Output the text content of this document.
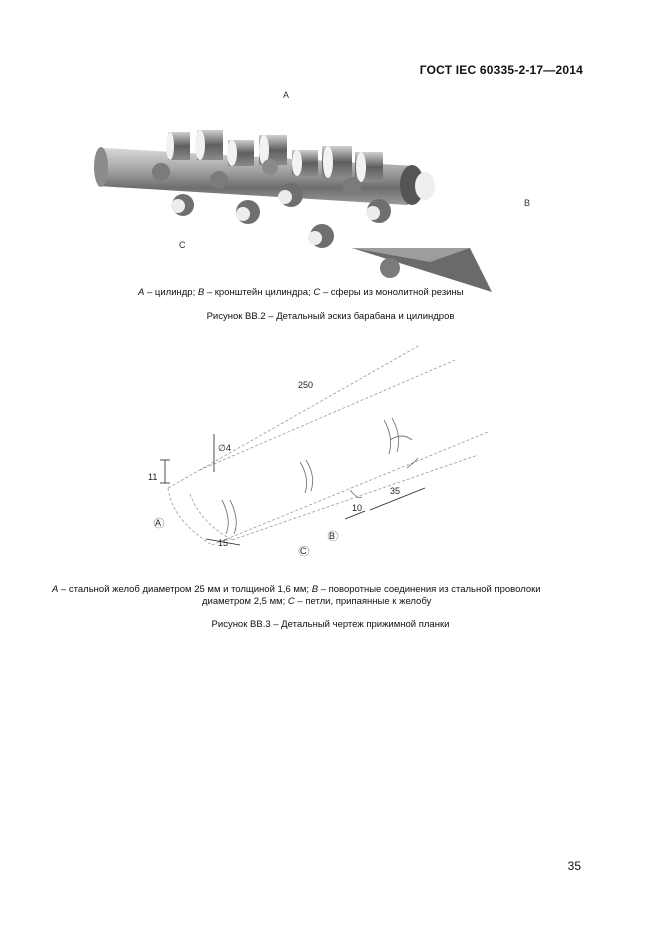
ГОСТ IEC 60335-2-17—2014
A
B
C
A – цилиндр; B – кронштейн цилиндра; C – сферы из монолитной резины
Рисунок ВВ.2 – Детальный эскиз барабана и цилиндров
250
∅4
11
35
10
15
A
B
C
A – стальной желоб диаметром 25 мм и толщиной 1,6 мм; B – поворотные соединения из стальной проволоки
диаметром 2,5 мм; C – петли, припаянные к желобу
Рисунок ВВ.3 – Детальный чертеж прижимной планки
35
